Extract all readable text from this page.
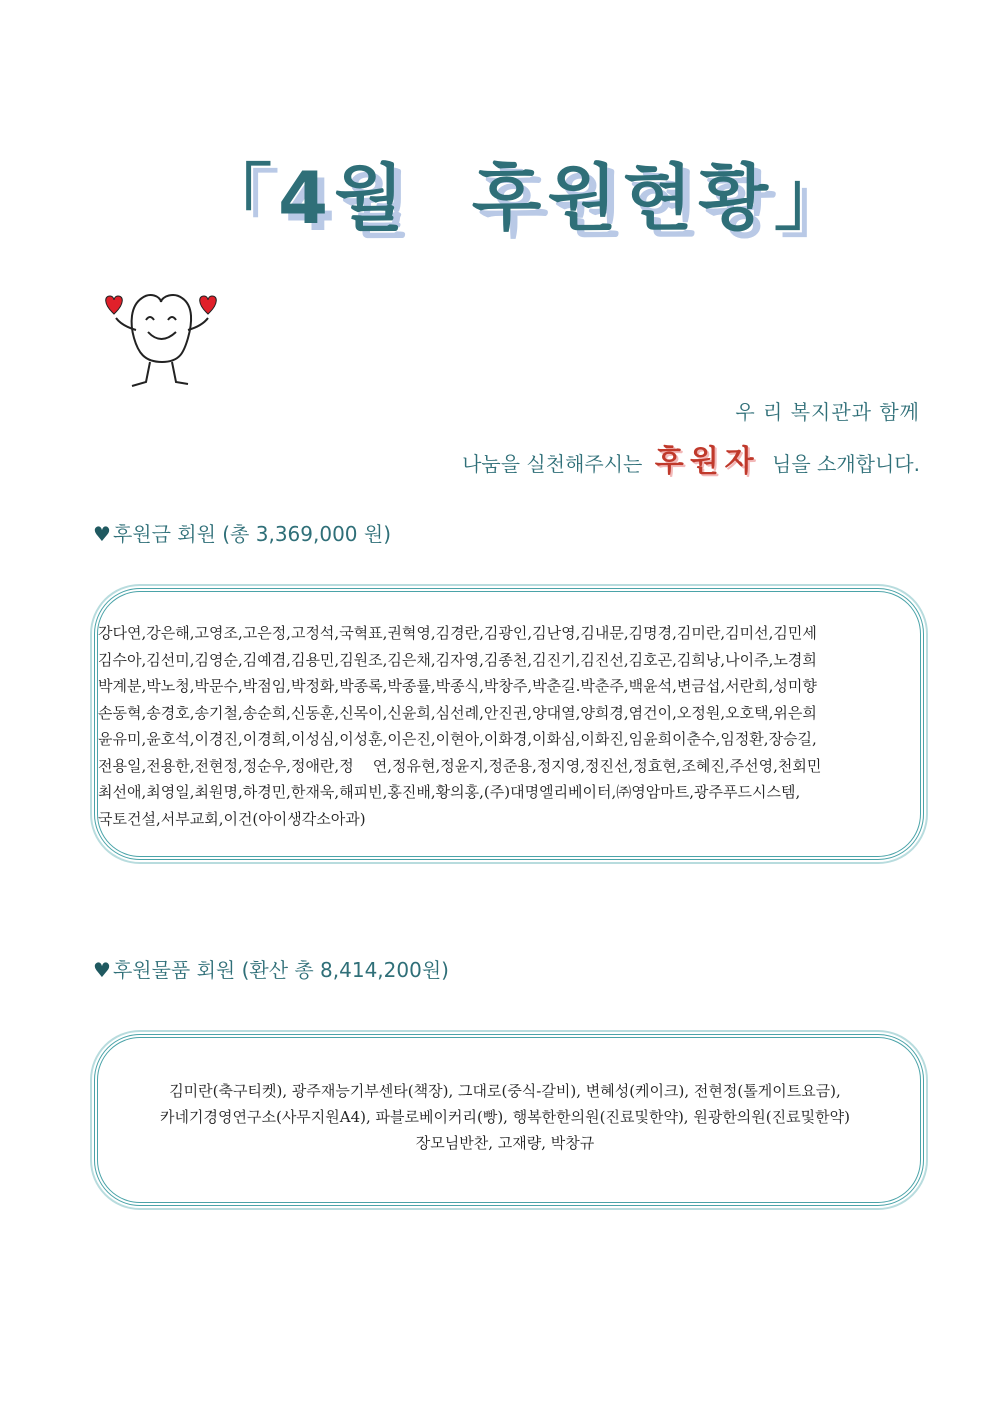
「4월  후원현황」
우 리 복지관과 함께
나눔을 실천해주시는 후원자 님을 소개합니다.
♥ 후원금 회원 (총 3,369,000 원)
강다연,강은해,고영조,고은정,고정석,국혁표,권혁영,김경란,김광인,김난영,김내문,김명경,김미란,김미선,김민세
김수아,김선미,김영순,김예겸,김용민,김원조,김은채,김자영,김종천,김진기,김진선,김호곤,김희낭,나이주,노경희
박계분,박노청,박문수,박점임,박정화,박종록,박종률,박종식,박창주,박춘길.박춘주,백윤석,변금섭,서란희,성미향
손동혁,송경호,송기철,송순희,신동훈,신목이,신윤희,심선례,안진권,양대열,양희경,염건이,오정원,오호택,위은희
윤유미,윤호석,이경진,이경희,이성심,이성훈,이은진,이현아,이화경,이화심,이화진,임윤희이춘수,임정환,장승길,
전용일,전용한,전현정,정순우,정애란,정    연,정유현,정윤지,정준용,정지영,정진선,정효현,조혜진,주선영,천회민
최선애,최영일,최원명,하경민,한재욱,해피빈,홍진배,황의홍,(주)대명엘리베이터,㈜영암마트,광주푸드시스템,
국토건설,서부교회,이건(아이생각소아과)
♥ 후원물품 회원 (환산 총 8,414,200원)
김미란(축구티켓), 광주재능기부센타(책장), 그대로(중식-갈비), 변혜성(케이크), 전현정(톨게이트요금),
카네기경영연구소(사무지원A4), 파블로베이커리(빵), 행복한한의원(진료및한약), 원광한의원(진료및한약)
장모님반찬, 고재량, 박창규
